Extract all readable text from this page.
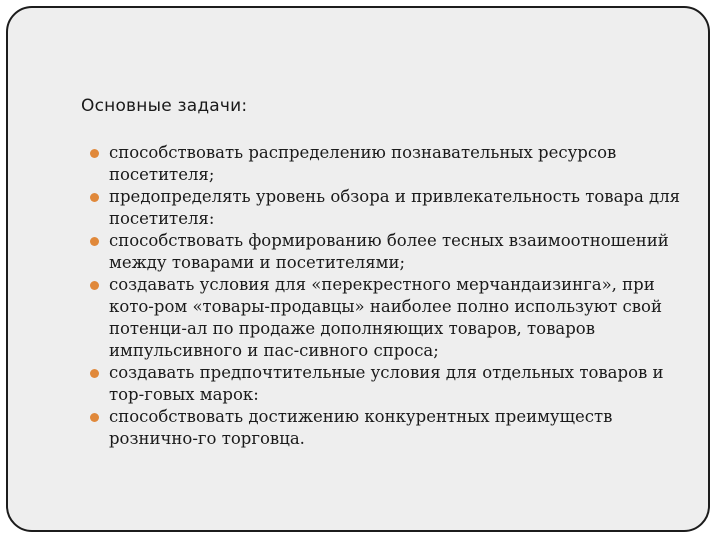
Основные задачи:
способствовать распределению познавательных ресурсов посетителя;
предопределять уровень обзора и привлекательность товара для посетителя:
способствовать формированию более тесных взаимоотношений между товарами и посетителями;
создавать условия для «перекрестного мерчандаизинга», при кото-ром «товары-продавцы» наиболее полно используют свой потенци-ал по продаже дополняющих товаров, товаров импульсивного и пас-сивного спроса;
создавать предпочтительные условия для отдельных товаров и тор-говых марок:
способствовать достижению конкурентных преимуществ рознично-го торговца.
